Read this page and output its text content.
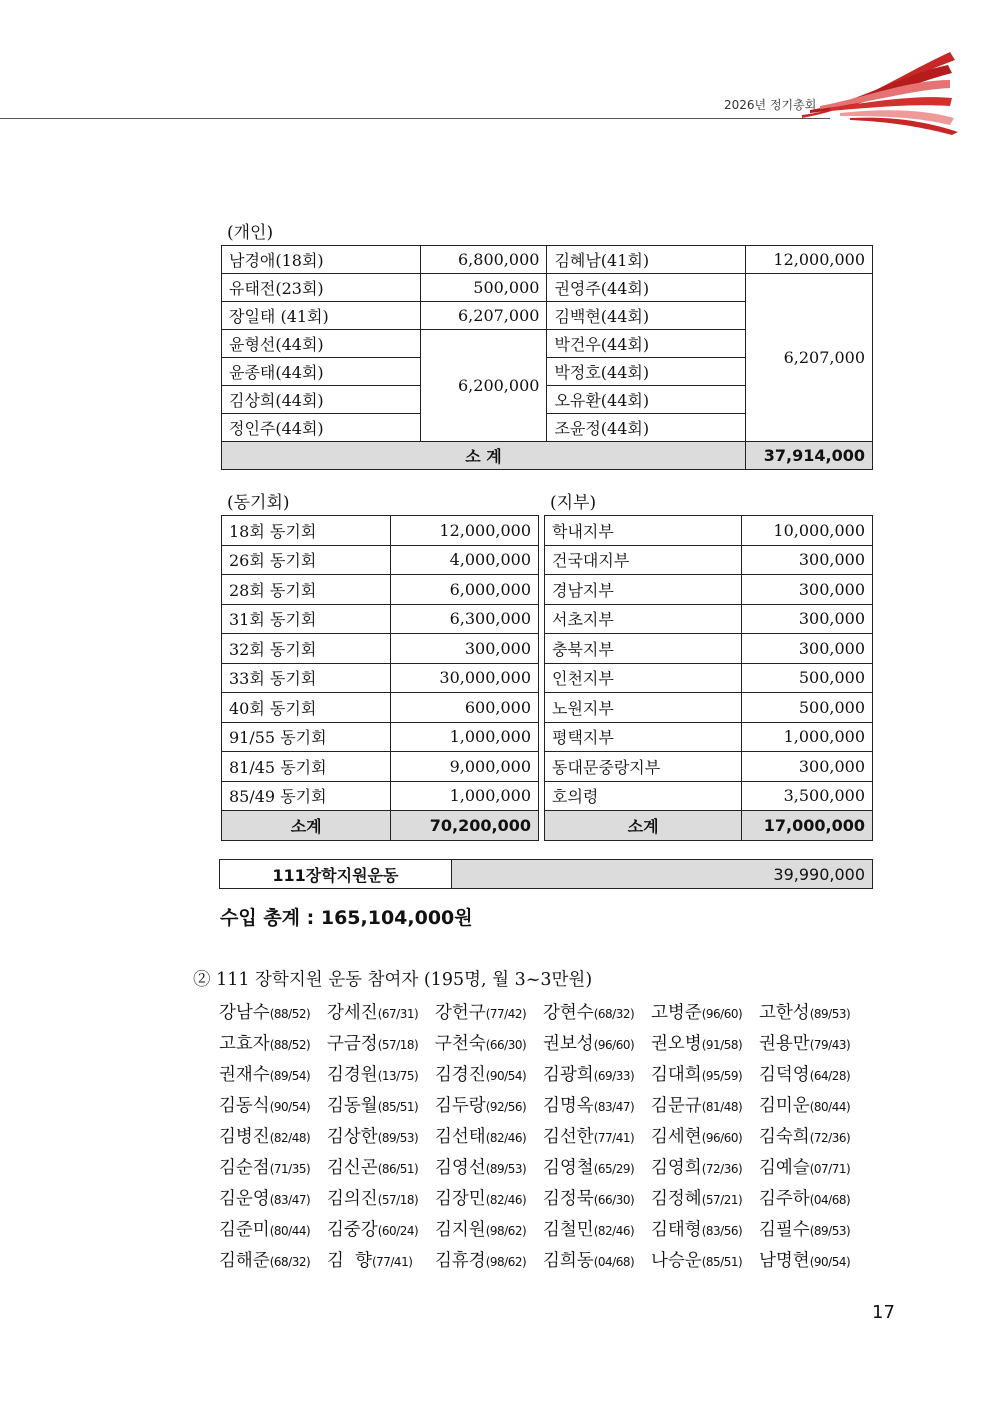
2026년 정기총회
(개인)
남경애(18회)	6,800,000	김혜남(41회)	12,000,000
유태전(23회)	500,000	권영주(44회)	6,207,000
장일태 (41회)	6,207,000	김백현(44회)	
윤형선(44회)	6,200,000	박건우(44회)	
윤종태(44회)		박정호(44회)	
김상희(44회)		오유환(44회)	
정인주(44회)		조윤정(44회)	
소 계			37,914,000
(동기회)
18회 동기회	12,000,000
26회 동기회	4,000,000
28회 동기회	6,000,000
31회 동기회	6,300,000
32회 동기회	300,000
33회 동기회	30,000,000
40회 동기회	600,000
91/55 동기회	1,000,000
81/45 동기회	9,000,000
85/49 동기회	1,000,000
소계	70,200,000
(지부)
학내지부	10,000,000
건국대지부	300,000
경남지부	300,000
서초지부	300,000
충북지부	300,000
인천지부	500,000
노원지부	500,000
평택지부	1,000,000
동대문중랑지부	300,000
호의령	3,500,000
소계	17,000,000
111장학지원운동	39,990,000
수입 총계 : 165,104,000원
② 111 장학지원 운동 참여자 (195명, 월 3~3만원)
강남수(88/52) 강세진(67/31) 강헌구(77/42) 강현수(68/32) 고병준(96/60) 고한성(89/53)
고효자(88/52) 구금정(57/18) 구천숙(66/30) 권보성(96/60) 권오병(91/58) 권용만(79/43)
권재수(89/54) 김경원(13/75) 김경진(90/54) 김광희(69/33) 김대희(95/59) 김덕영(64/28)
김동식(90/54) 김동월(85/51) 김두랑(92/56) 김명옥(83/47) 김문규(81/48) 김미운(80/44)
김병진(82/48) 김상한(89/53) 김선태(82/46) 김선한(77/41) 김세현(96/60) 김숙희(72/36)
김순점(71/35) 김신곤(86/51) 김영선(89/53) 김영철(65/29) 김영희(72/36) 김예슬(07/71)
김운영(83/47) 김의진(57/18) 김장민(82/46) 김정묵(66/30) 김정혜(57/21) 김주하(04/68)
김준미(80/44) 김중강(60/24) 김지원(98/62) 김철민(82/46) 김태형(83/56) 김필수(89/53)
김해준(68/32) 김  향(77/41) 김휴경(98/62) 김희동(04/68) 나승운(85/51) 남명현(90/54)
17
